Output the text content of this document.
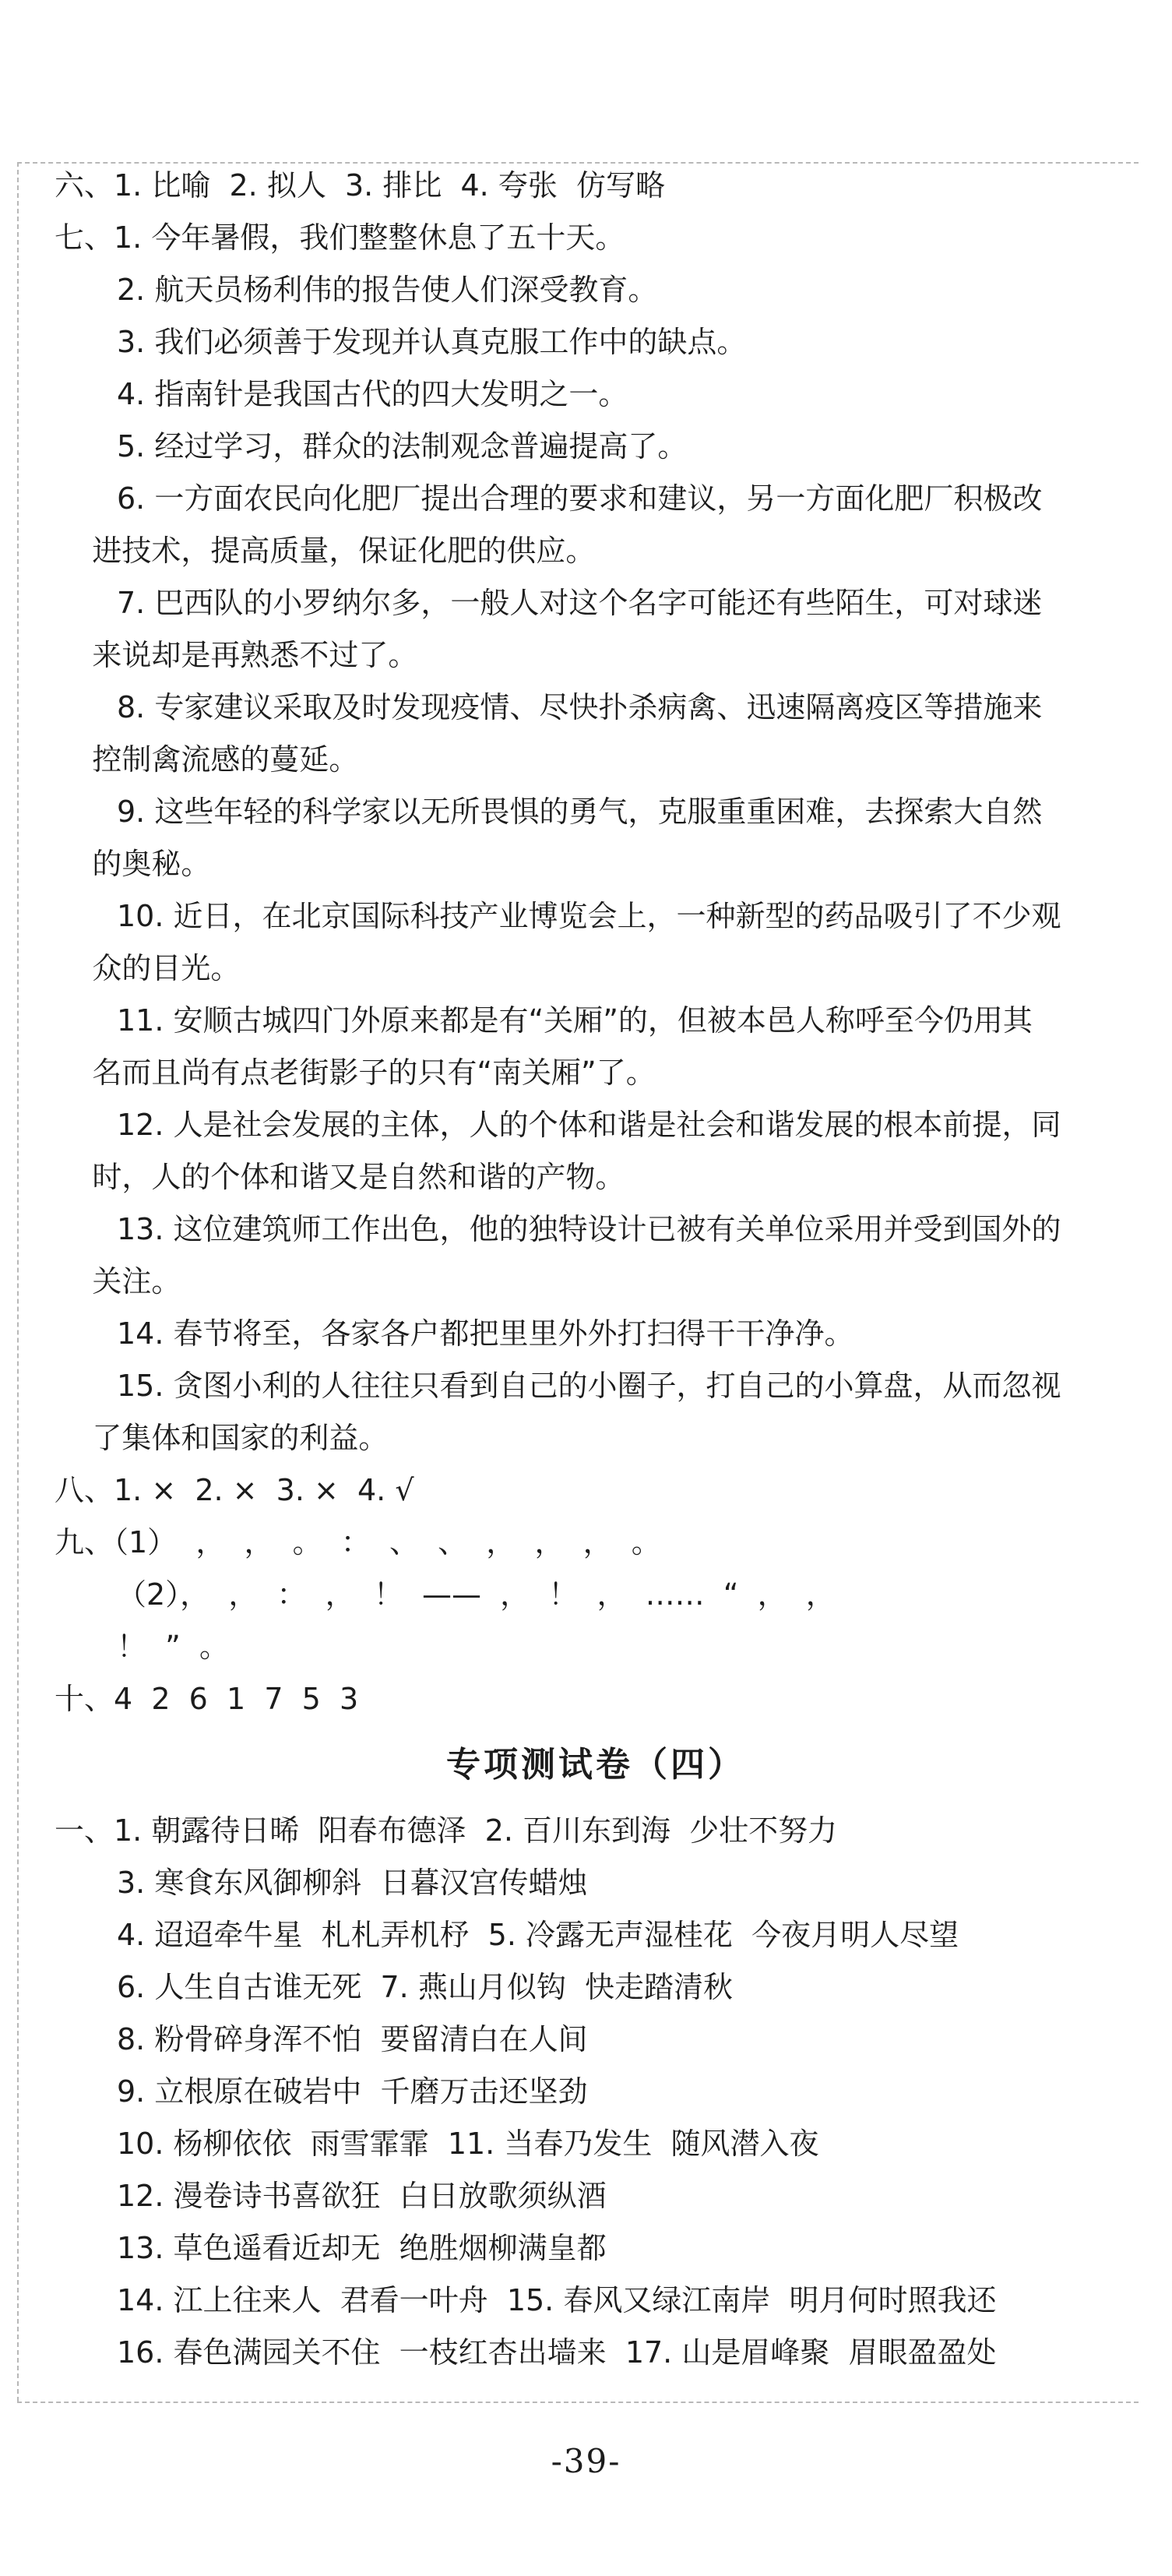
六、1. 比喻  2. 拟人  3. 排比  4. 夸张  仿写略
七、1. 今年暑假，我们整整休息了五十天。
2. 航天员杨利伟的报告使人们深受教育。
3. 我们必须善于发现并认真克服工作中的缺点。
4. 指南针是我国古代的四大发明之一。
5. 经过学习，群众的法制观念普遍提高了。
6. 一方面农民向化肥厂提出合理的要求和建议，另一方面化肥厂积极改
进技术，提高质量，保证化肥的供应。
7. 巴西队的小罗纳尔多，一般人对这个名字可能还有些陌生，可对球迷
来说却是再熟悉不过了。
8. 专家建议采取及时发现疫情、尽快扑杀病禽、迅速隔离疫区等措施来
控制禽流感的蔓延。
9. 这些年轻的科学家以无所畏惧的勇气，克服重重困难，去探索大自然
的奥秘。
10. 近日，在北京国际科技产业博览会上，一种新型的药品吸引了不少观
众的目光。
11. 安顺古城四门外原来都是有“关厢”的，但被本邑人称呼至今仍用其
名而且尚有点老街影子的只有“南关厢”了。
12. 人是社会发展的主体，人的个体和谐是社会和谐发展的根本前提，同
时，人的个体和谐又是自然和谐的产物。
13. 这位建筑师工作出色，他的独特设计已被有关单位采用并受到国外的
关注。
14. 春节将至，各家各户都把里里外外打扫得干干净净。
15. 贪图小利的人往往只看到自己的小圈子，打自己的小算盘，从而忽视
了集体和国家的利益。
八、1. ×  2. ×  3. ×  4. √
九、（1）  ，  ，  。  ：  、  、  ，  ，  ，  。
（2），  ，  ：  ，  ！  ——  ，  ！  ，  ……  “  ，  ，
！  ”  。
十、4  2  6  1  7  5  3
专项测试卷（四）
一、1. 朝露待日晞  阳春布德泽  2. 百川东到海  少壮不努力
3. 寒食东风御柳斜  日暮汉宫传蜡烛
4. 迢迢牵牛星  札札弄机杼  5. 冷露无声湿桂花  今夜月明人尽望
6. 人生自古谁无死  7. 燕山月似钩  快走踏清秋
8. 粉骨碎身浑不怕  要留清白在人间
9. 立根原在破岩中  千磨万击还坚劲
10. 杨柳依依  雨雪霏霏  11. 当春乃发生  随风潜入夜
12. 漫卷诗书喜欲狂  白日放歌须纵酒
13. 草色遥看近却无  绝胜烟柳满皇都
14. 江上往来人  君看一叶舟  15. 春风又绿江南岸  明月何时照我还
16. 春色满园关不住  一枝红杏出墙来  17. 山是眉峰聚  眉眼盈盈处
-39-
